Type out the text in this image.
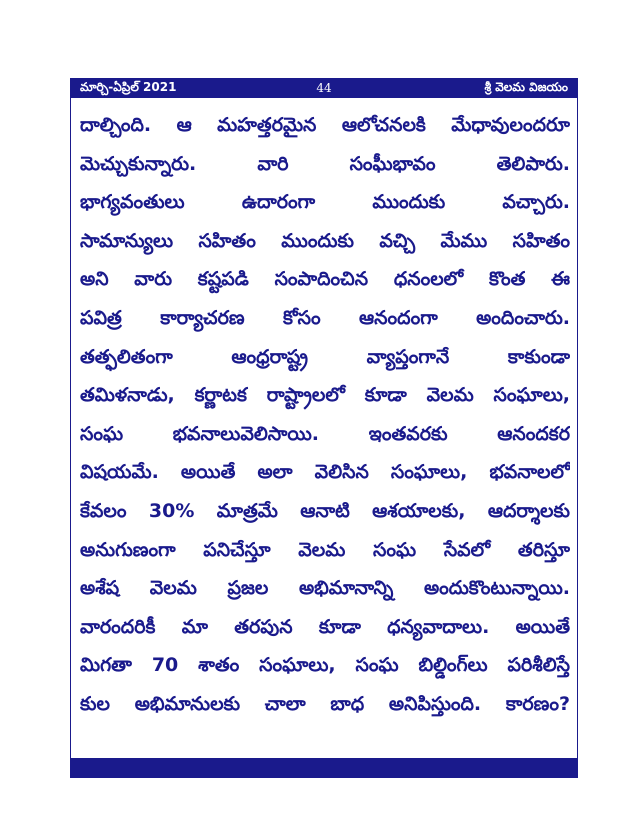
మార్చి-ఏప్రిల్ 2021	44	శ్రీ వెలమ విజయం
దాల్చింది. ఆ మహత్తరమైన ఆలోచనలకి మేధావులందరూ
మెచ్చుకున్నారు. వారి సంఘీభావం తెలిపారు.
భాగ్యవంతులు ఉదారంగా ముందుకు వచ్చారు.
సామాన్యులు సహితం ముందుకు వచ్చి మేము సహితం
అని వారు కష్టపడి సంపాదించిన ధనంలలో కొంత ఈ
పవిత్ర కార్యాచరణ కోసం ఆనందంగా అందించారు.
తత్ఫలితంగా ఆంధ్రరాష్ట్ర వ్యాప్తంగానే కాకుండా
తమిళనాడు, కర్ణాటక రాష్ట్రాలలో కూడా వెలమ సంఘాలు,
సంఘ భవనాలువెలిసాయి. ఇంతవరకు ఆనందకర
విషయమే. అయితే అలా వెలిసిన సంఘాలు, భవనాలలో
కేవలం 30% మాత్రమే ఆనాటి ఆశయాలకు, ఆదర్శాలకు
అనుగుణంగా పనిచేస్తూ వెలమ సంఘ సేవలో తరిస్తూ
అశేష వెలమ ప్రజల అభిమానాన్ని అందుకొంటున్నాయి.
వారందరికీ మా తరపున కూడా ధన్యవాదాలు. అయితే
మిగతా 70 శాతం సంఘాలు, సంఘ బిల్డింగ్‌లు పరిశీలిస్తే
కుల అభిమానులకు చాలా బాధ అనిపిస్తుంది. కారణం?
